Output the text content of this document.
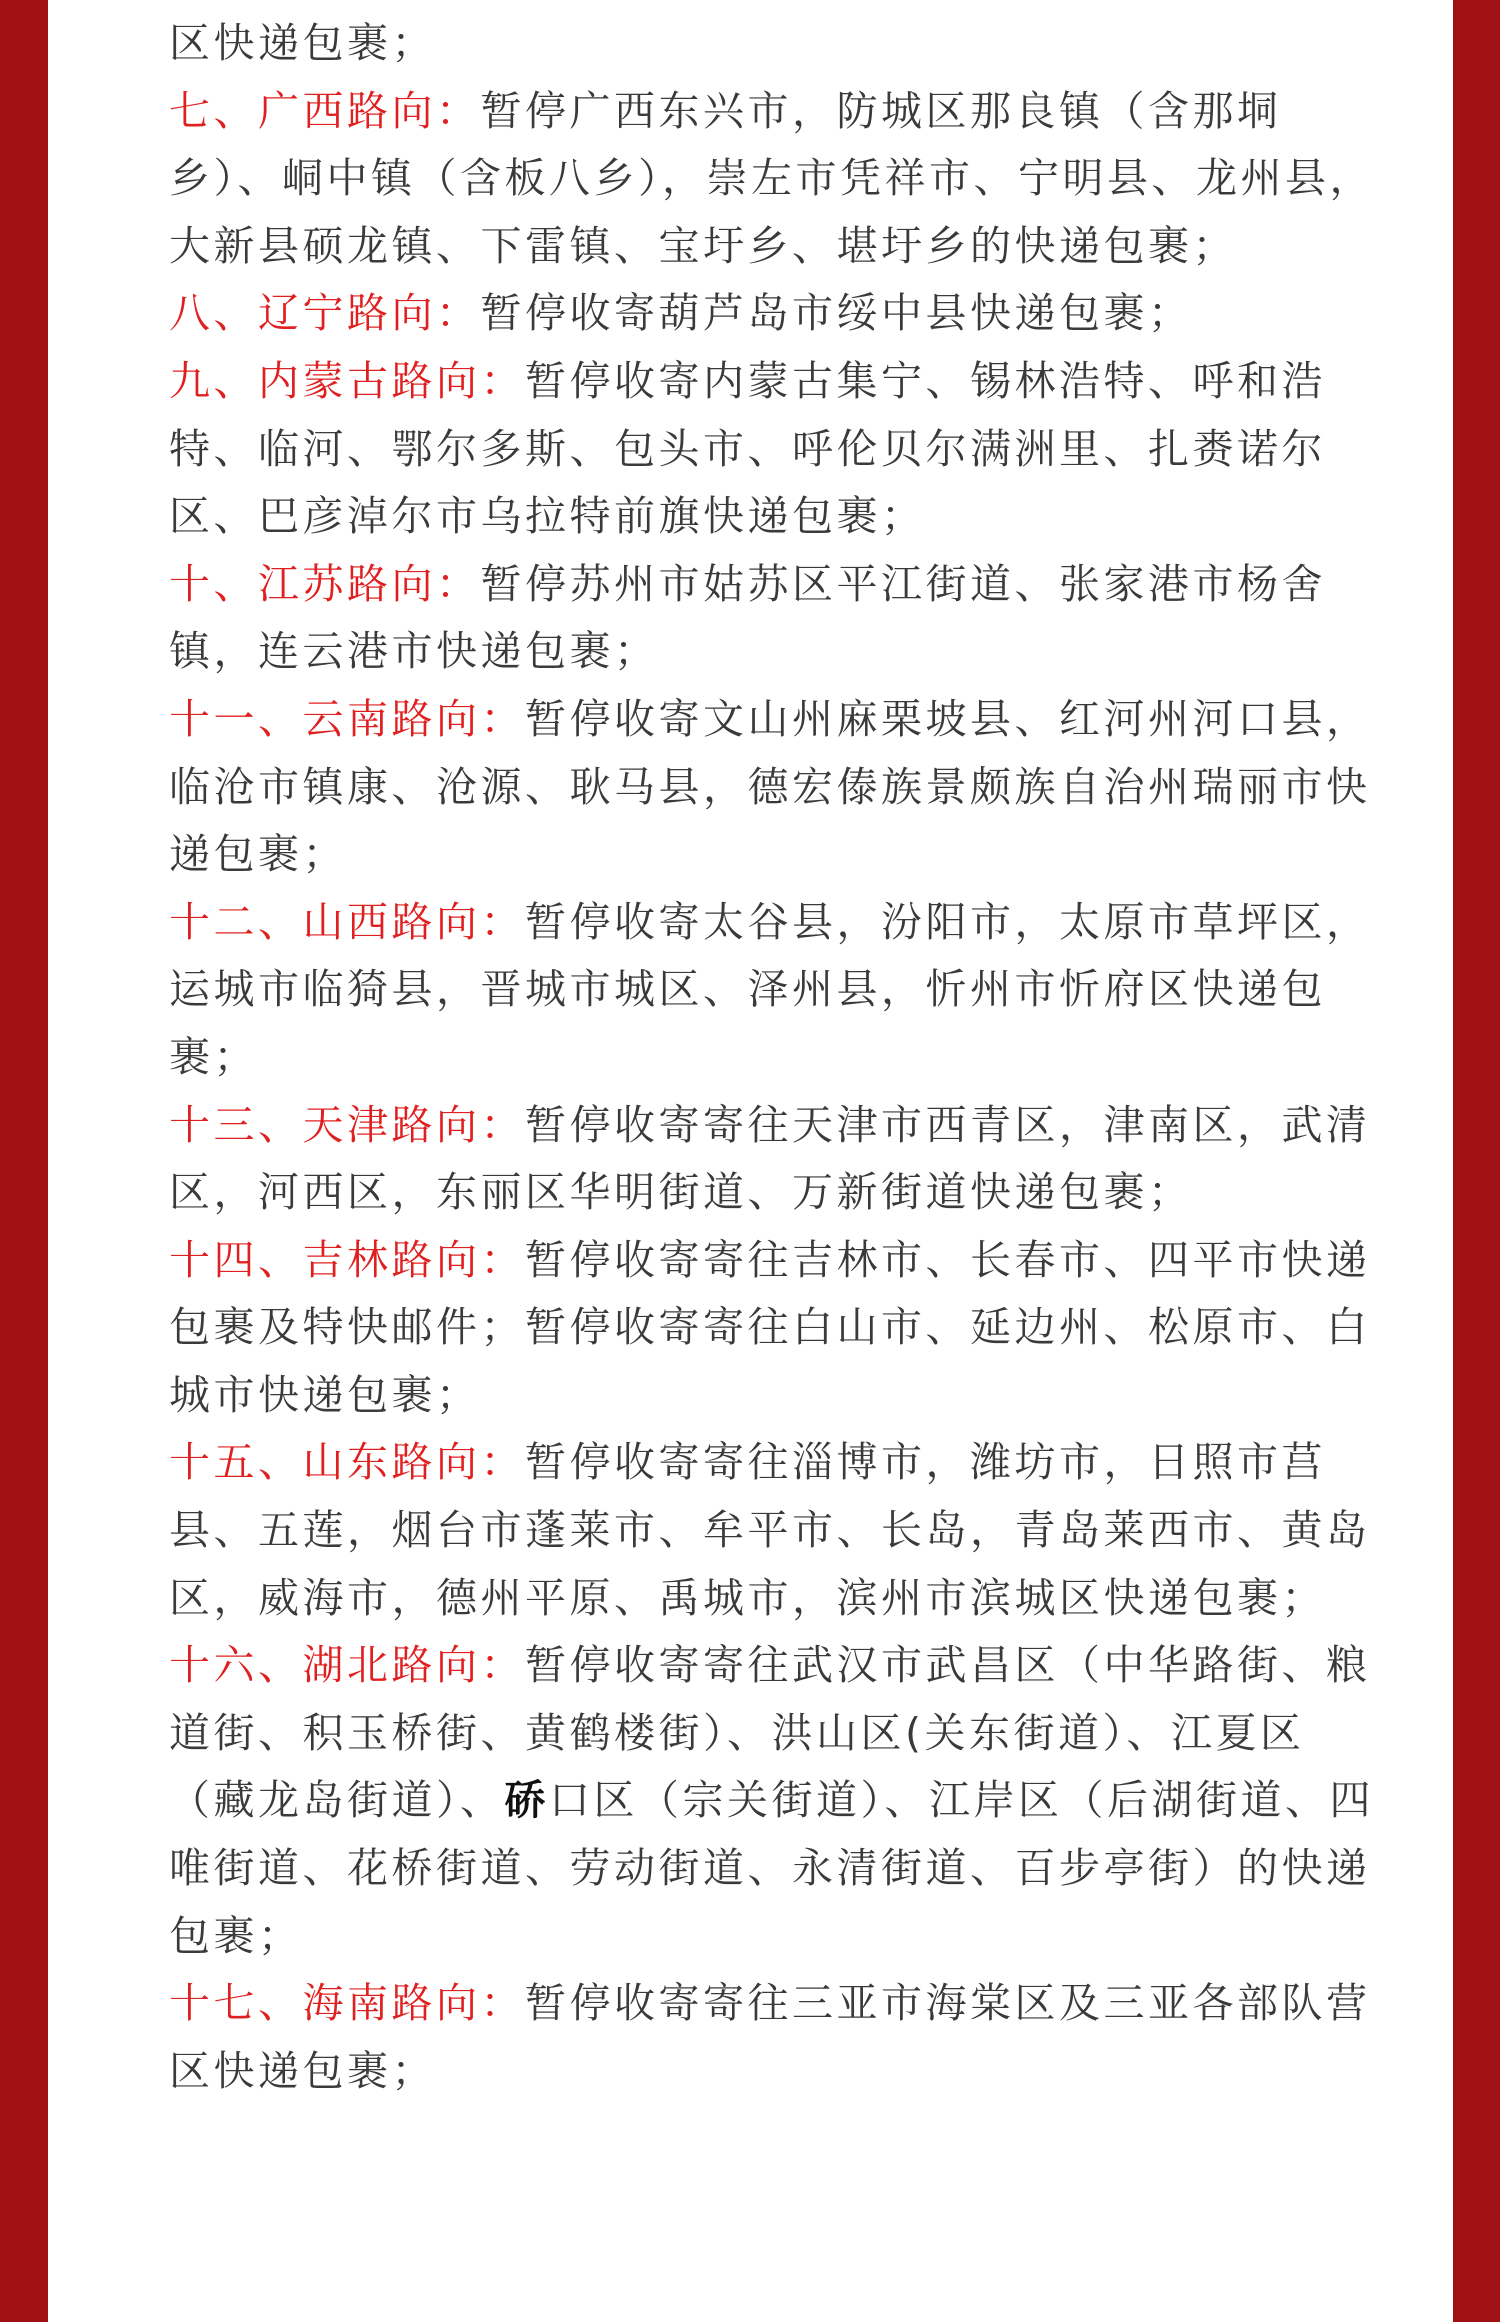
区快递包裹；

七、广西路向：暂停广西东兴市，防城区那良镇（含那垌乡）、峒中镇（含板八乡），崇左市凭祥市、宁明县、龙州县，大新县硕龙镇、下雷镇、宝圩乡、堪圩乡的快递包裹；

八、辽宁路向：暂停收寄葫芦岛市绥中县快递包裹；

九、内蒙古路向：暂停收寄内蒙古集宁、锡林浩特、呼和浩特、临河、鄂尔多斯、包头市、呼伦贝尔满洲里、扎赉诺尔区、巴彦淖尔市乌拉特前旗快递包裹；

十、江苏路向：暂停苏州市姑苏区平江街道、张家港市杨舍镇，连云港市快递包裹；

十一、云南路向：暂停收寄文山州麻栗坡县、红河州河口县，临沧市镇康、沧源、耿马县，德宏傣族景颇族自治州瑞丽市快递包裹；

十二、山西路向：暂停收寄太谷县，汾阳市，太原市草坪区，运城市临猗县，晋城市城区、泽州县，忻州市忻府区快递包裹；

十三、天津路向：暂停收寄寄往天津市西青区，津南区，武清区，河西区，东丽区华明街道、万新街道快递包裹；

十四、吉林路向：暂停收寄寄往吉林市、长春市、四平市快递包裹及特快邮件；暂停收寄寄往白山市、延边州、松原市、白城市快递包裹；

十五、山东路向：暂停收寄寄往淄博市，潍坊市，日照市莒县、五莲，烟台市蓬莱市、牟平市、长岛，青岛莱西市、黄岛区，威海市，德州平原、禹城市，滨州市滨城区快递包裹；

十六、湖北路向：暂停收寄寄往武汉市武昌区（中华路街、粮道街、积玉桥街、黄鹤楼街）、洪山区(关东街道）、江夏区（藏龙岛街道）、硚口区（宗关街道）、江岸区（后湖街道、四唯街道、花桥街道、劳动街道、永清街道、百步亭街）的快递包裹；

十七、海南路向：暂停收寄寄往三亚市海棠区及三亚各部队营区快递包裹；
